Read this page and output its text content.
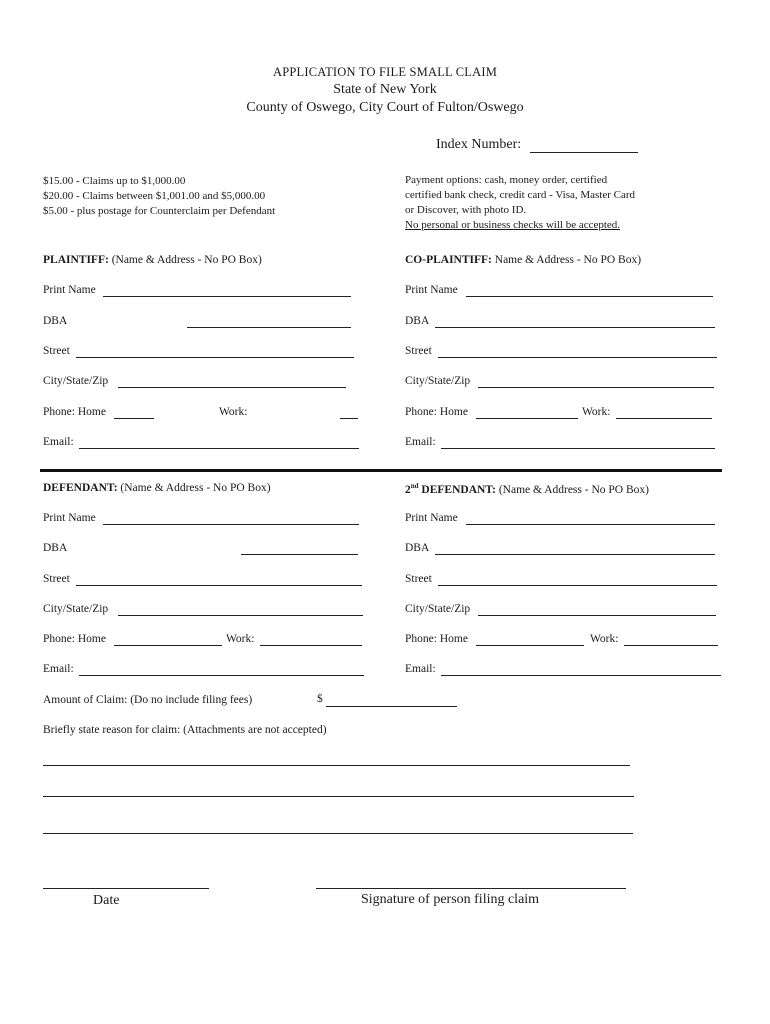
APPLICATION TO FILE SMALL CLAIM
State of New York
County of Oswego, City Court of Fulton/Oswego
Index Number:
$15.00 - Claims up to $1,000.00
$20.00 - Claims between $1,001.00 and $5,000.00
$5.00 - plus postage for Counterclaim per Defendant
Payment options: cash, money order, certified
certified bank check, credit card - Visa, Master Card
or Discover, with photo ID.
No personal or business checks will be accepted.
PLAINTIFF: (Name & Address - No PO Box)	CO-PLAINTIFF: Name & Address - No PO Box)
Print Name
DBA
Street
City/State/Zip
Phone: Home	Work:
Email:
Print Name
DBA
Street
City/State/Zip
Phone: Home	Work:
Email:
DEFENDANT: (Name & Address - No PO Box)	2nd DEFENDANT: (Name & Address - No PO Box)
Print Name
DBA
Street
City/State/Zip
Phone: Home	Work:
Email:
Print Name
DBA
Street
City/State/Zip
Phone: Home	Work:
Email:
Amount of Claim: (Do no include filing fees)	$
Briefly state reason for claim: (Attachments are not accepted)
Date	Signature of person filing claim
